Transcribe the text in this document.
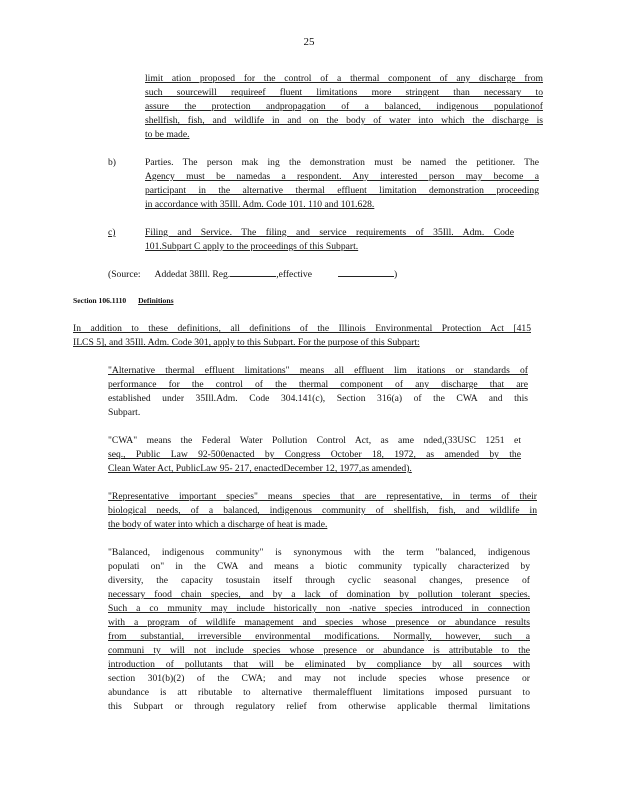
25
limit ation proposed for the control of a thermal component of any discharge from
such sourcewill requireef fluent limitations more stringent than necessary to
assure the protection andpropagation of a balanced, indigenous populationof
shellfish, fish, and wildlife in and on the body of water into which the discharge is
to be made.
b)	Parties. The person mak ing the demonstration must be named the petitioner. The
Agency must be namedas a respondent. Any interested person may become a
participant in the alternative thermal effluent limitation demonstration proceeding
in accordance with 35Ill. Adm. Code 101. 110 and 101.628.
c)	Filing and Service. The filing and service requirements of 35Ill. Adm. Code
101.Subpart C apply to the proceedings of this Subpart.
(Source: Addedat 38Ill. Reg.	,effective	)
Section 106.1110 Definitions
In addition to these definitions, all definitions of the Illinois Environmental Protection Act [415
ILCS 5], and 35Ill. Adm. Code 301, apply to this Subpart. For the purpose of this Subpart:
"Alternative thermal effluent limitations" means all effluent lim itations or standards of
performance for the control of the thermal component of any discharge that are
established under 35Ill.Adm. Code 304.141(c), Section 316(a) of the CWA and this
Subpart.
"CWA" means the Federal Water Pollution Control Act, as ame nded,(33USC 1251 et
seq., Public Law 92-500enacted by Congress October 18, 1972, as amended by the
Clean Water Act, PublicLaw 95- 217, enactedDecember 12, 1977,as amended).
"Representative important species" means species that are representative, in terms of their
biological needs, of a balanced, indigenous community of shellfish, fish, and wildlife in
the body of water into which a discharge of heat is made.
"Balanced, indigenous community" is synonymous with the term "balanced, indigenous
populati on" in the CWA and means a biotic community typically characterized by
diversity, the capacity tosustain itself through cyclic seasonal changes, presence of
necessary food chain species, and by a lack of domination by pollution tolerant species.
Such a co mmunity may include historically non -native species introduced in connection
with a program of wildlife management and species whose presence or abundance results
from substantial, irreversible environmental modifications. Normally, however, such a
communi ty will not include species whose presence or abundance is attributable to the
introduction of pollutants that will be eliminated by compliance by all sources with
section 301(b)(2) of the CWA; and may not include species whose presence or
abundance is att ributable to alternative thermaleffluent limitations imposed pursuant to
this Subpart or through regulatory relief from otherwise applicable thermal limitations
